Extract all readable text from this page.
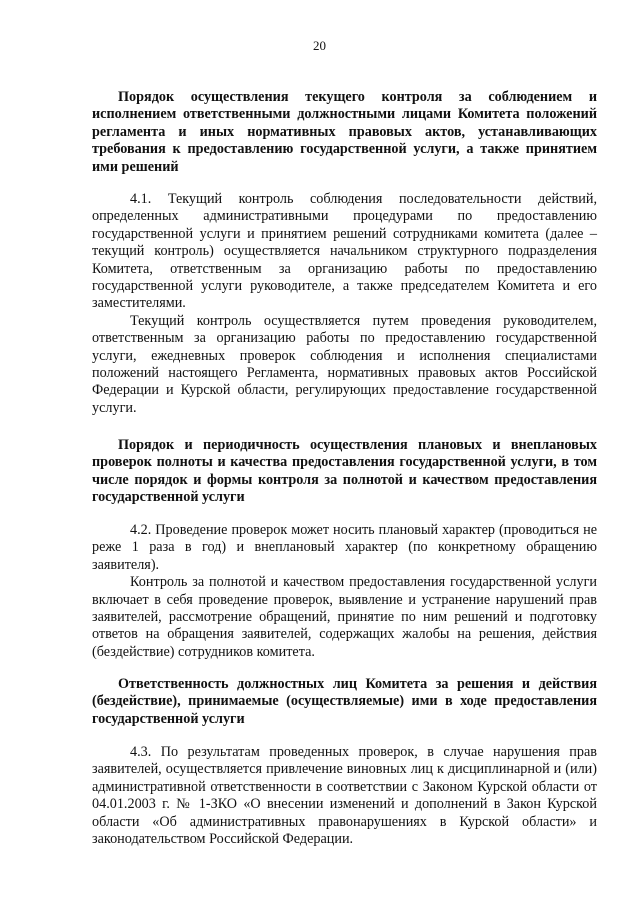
20
Порядок осуществления текущего контроля за соблюдением и исполнением ответственными должностными лицами Комитета положений регламента и иных нормативных правовых актов, устанавливающих требования к предоставлению государственной услуги, а также принятием ими решений

4.1. Текущий контроль соблюдения последовательности действий, определенных административными процедурами по предоставлению государственной услуги и принятием решений сотрудниками комитета (далее – текущий контроль) осуществляется начальником структурного подразделения Комитета, ответственным за организацию работы по предоставлению государственной услуги руководителе, а также председателем Комитета и его заместителями.

Текущий контроль осуществляется путем проведения руководителем, ответственным за организацию работы по предоставлению государственной услуги, ежедневных проверок соблюдения и исполнения специалистами положений настоящего Регламента, нормативных правовых актов Российской Федерации и Курской области, регулирующих предоставление государственной услуги.

Порядок и периодичность осуществления плановых и внеплановых проверок полноты и качества предоставления государственной услуги, в том числе порядок и формы контроля за полнотой и качеством предоставления государственной услуги

4.2. Проведение проверок может носить плановый характер (проводиться не реже 1 раза в год) и внеплановый характер (по конкретному обращению заявителя).

Контроль за полнотой и качеством предоставления государственной услуги включает в себя проведение проверок, выявление и устранение нарушений прав заявителей, рассмотрение обращений, принятие по ним решений и подготовку ответов на обращения заявителей, содержащих жалобы на решения, действия (бездействие) сотрудников комитета.

Ответственность должностных лиц Комитета за решения и действия (бездействие), принимаемые (осуществляемые) ими в ходе предоставления государственной услуги

4.3. По результатам проведенных проверок, в случае нарушения прав заявителей, осуществляется привлечение виновных лиц к дисциплинарной и (или) административной ответственности в соответствии с Законом Курской области от 04.01.2003 г. № 1-ЗКО «О внесении изменений и дополнений в Закон Курской области «Об административных правонарушениях в Курской области» и законодательством Российской Федерации.
